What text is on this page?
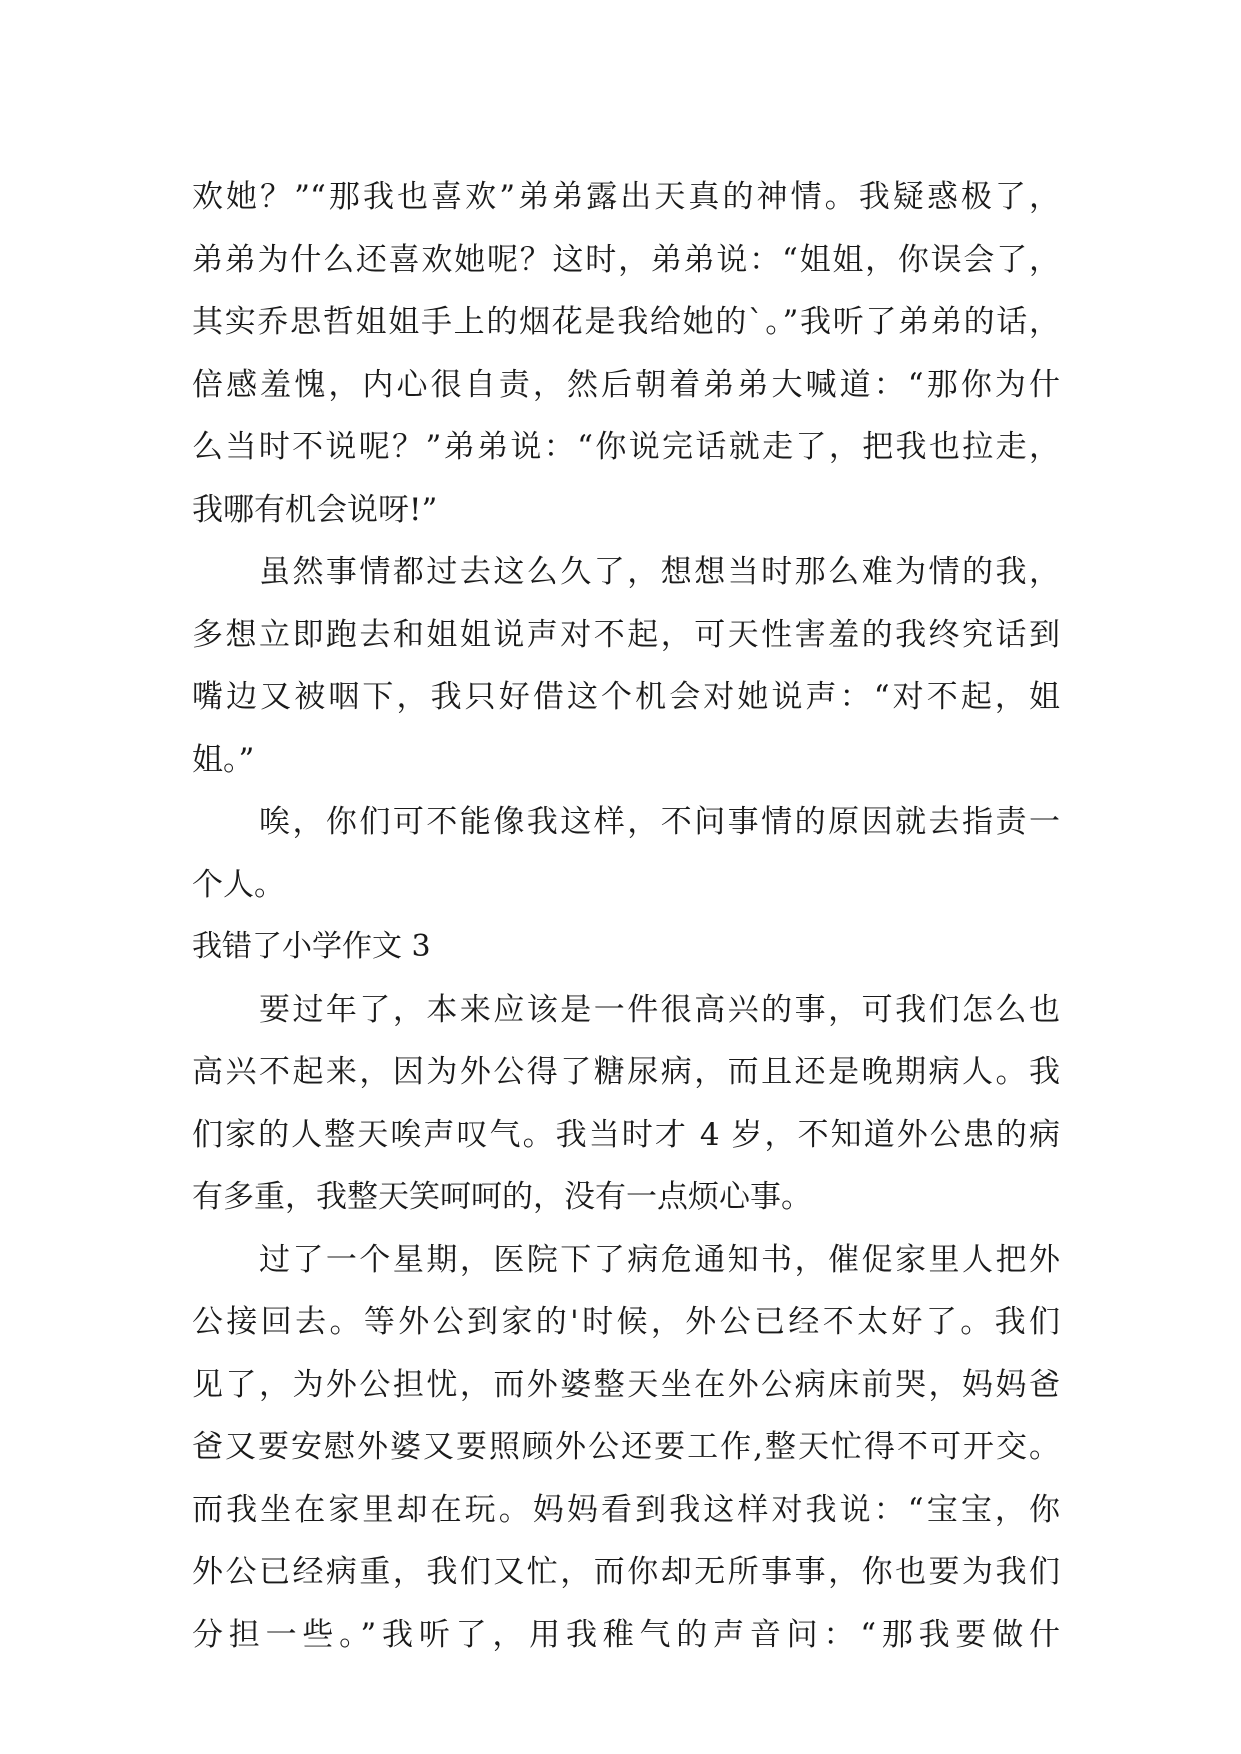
欢她？”“那我也喜欢”弟弟露出天真的神情。我疑惑极了，
弟弟为什么还喜欢她呢？这时，弟弟说：“姐姐，你误会了，
其实乔思哲姐姐手上的烟花是我给她的`。”我听了弟弟的话，
倍感羞愧，内心很自责，然后朝着弟弟大喊道：“那你为什
么当时不说呢？”弟弟说：“你说完话就走了，把我也拉走，
我哪有机会说呀!”
　　虽然事情都过去这么久了，想想当时那么难为情的我，
多想立即跑去和姐姐说声对不起，可天性害羞的我终究话到
嘴边又被咽下，我只好借这个机会对她说声：“对不起，姐
姐。”
　　唉，你们可不能像我这样，不问事情的原因就去指责一
个人。
我错了小学作文 3
　　要过年了，本来应该是一件很高兴的事，可我们怎么也
高兴不起来，因为外公得了糖尿病，而且还是晚期病人。我
们家的人整天唉声叹气。我当时才 4 岁，不知道外公患的病
有多重，我整天笑呵呵的，没有一点烦心事。
　　过了一个星期，医院下了病危通知书，催促家里人把外
公接回去。等外公到家的'时候，外公已经不太好了。我们
见了，为外公担忧，而外婆整天坐在外公病床前哭，妈妈爸
爸又要安慰外婆又要照顾外公还要工作,整天忙得不可开交。
而我坐在家里却在玩。妈妈看到我这样对我说：“宝宝，你
外公已经病重，我们又忙，而你却无所事事，你也要为我们
分担一些。”我听了，用我稚气的声音问：“那我要做什
